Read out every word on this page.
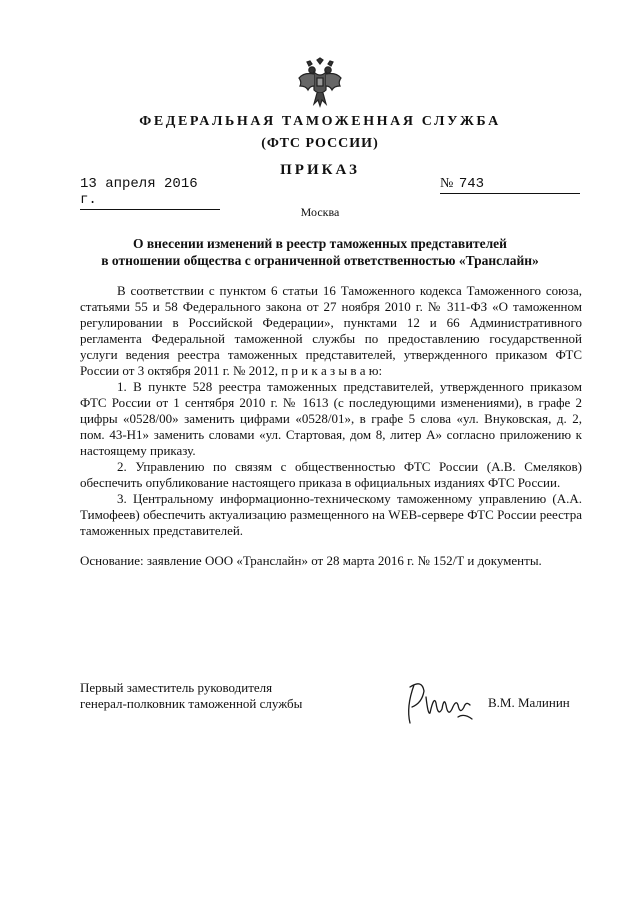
ФЕДЕРАЛЬНАЯ ТАМОЖЕННАЯ СЛУЖБА
(ФТС РОССИИ)
ПРИКАЗ
13 апреля 2016 г.
№ 743
Москва
О внесении изменений в реестр таможенных представителей
в отношении общества с ограниченной ответственностью «Транслайн»

В соответствии с пунктом 6 статьи 16 Таможенного кодекса Таможенного союза, статьями 55 и 58 Федерального закона от 27 ноября 2010 г. № 311-ФЗ «О таможенном регулировании в Российской Федерации», пунктами 12 и 66 Административного регламента Федеральной таможенной службы по предоставлению государственной услуги ведения реестра таможенных представителей, утвержденного приказом ФТС России от 3 октября 2011 г. № 2012, п р и к а з ы в а ю:

1. В пункте 528 реестра таможенных представителей, утвержденного приказом ФТС России от 1 сентября 2010 г. № 1613 (с последующими изменениями), в графе 2 цифры «0528/00» заменить цифрами «0528/01», в графе 5 слова «ул. Внуковская, д. 2, пом. 43-Н1» заменить словами «ул. Стартовая, дом 8, литер А» согласно приложению к настоящему приказу.

2. Управлению по связям с общественностью ФТС России (А.В. Смеляков) обеспечить опубликование настоящего приказа в официальных изданиях ФТС России.

3. Центральному информационно-техническому таможенному управлению (А.А. Тимофеев) обеспечить актуализацию размещенного на WEB-сервере ФТС России реестра таможенных представителей.

Основание: заявление ООО «Транслайн» от 28 марта 2016 г. № 152/Т и документы.

Первый заместитель руководителя
генерал-полковник таможенной службы	В.М. Малинин
